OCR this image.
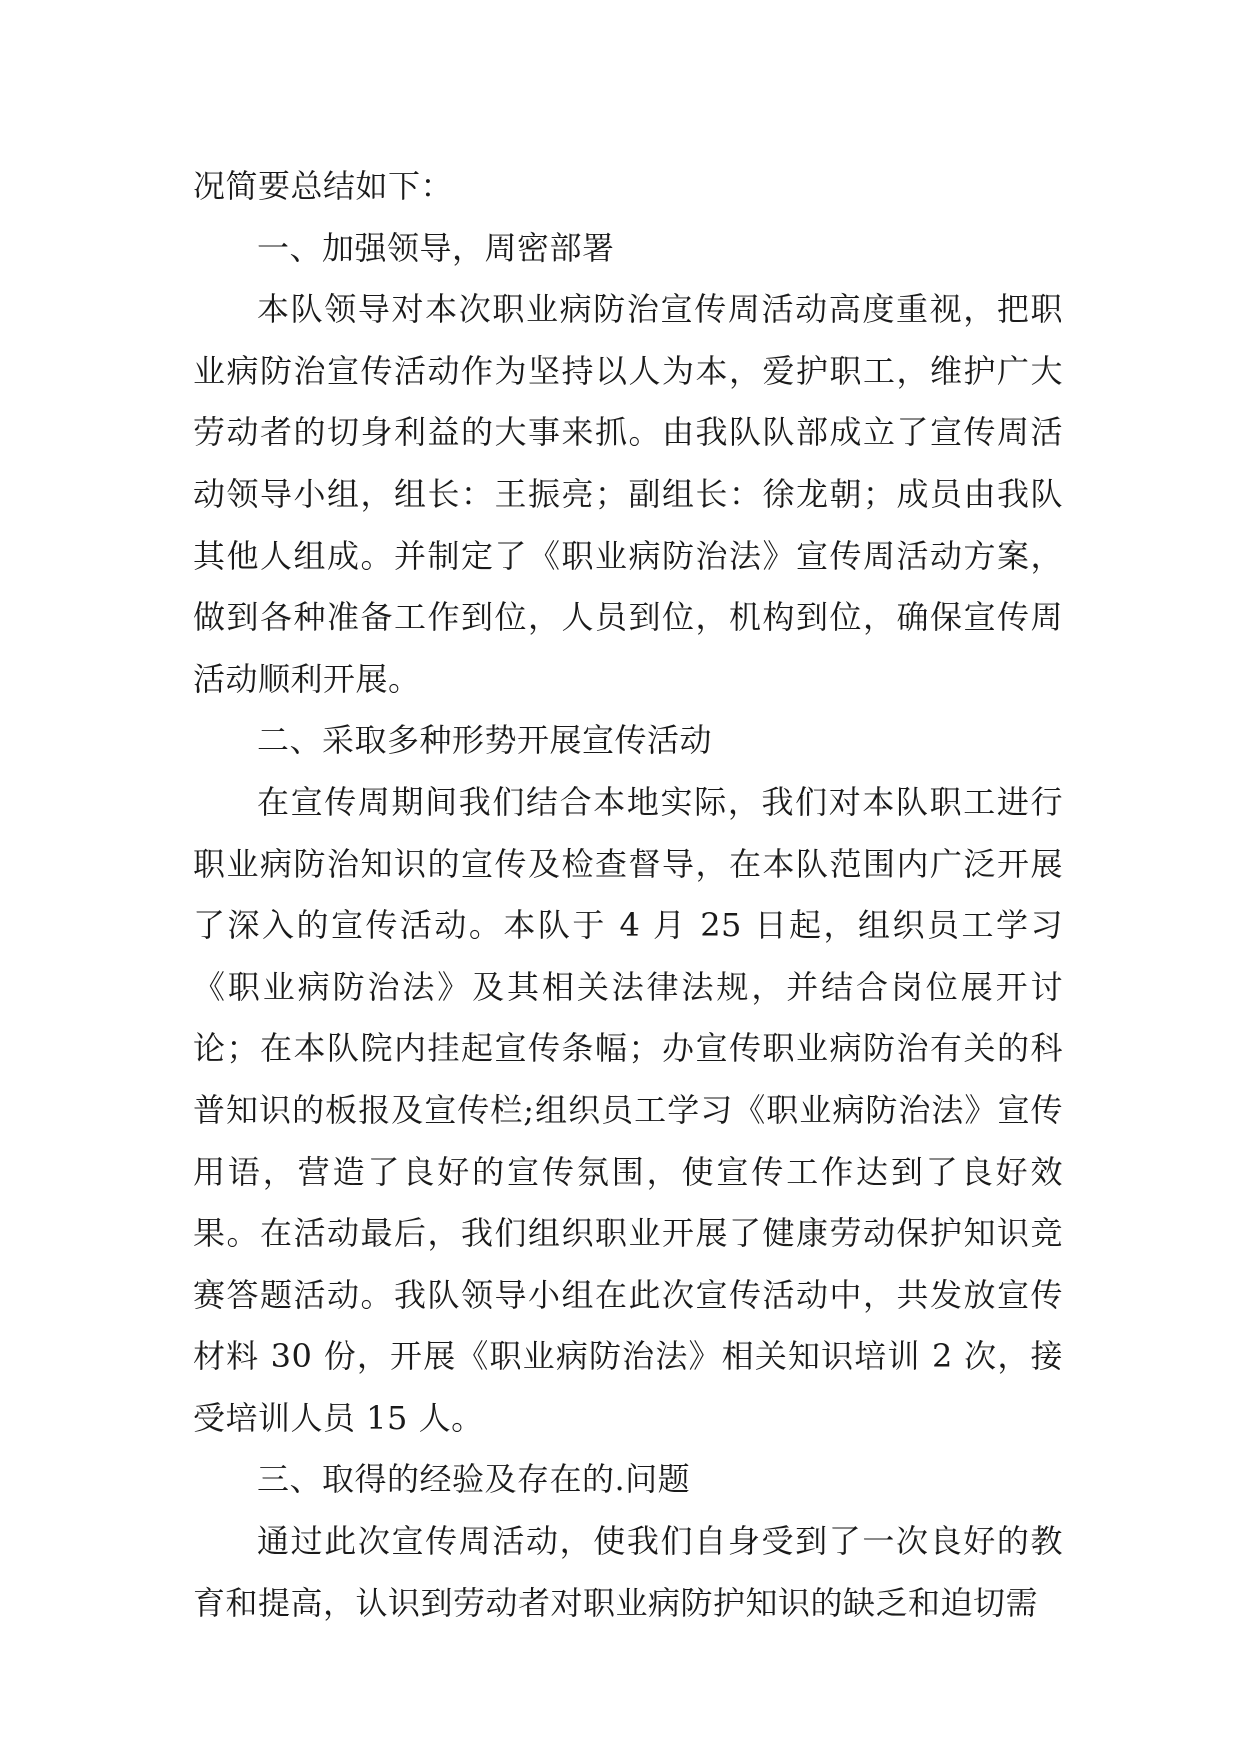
况简要总结如下：

一、加强领导，周密部署

本队领导对本次职业病防治宣传周活动高度重视，把职业病防治宣传活动作为坚持以人为本，爱护职工，维护广大劳动者的切身利益的大事来抓。由我队队部成立了宣传周活动领导小组，组长：王振亮；副组长：徐龙朝；成员由我队其他人组成。并制定了《职业病防治法》宣传周活动方案，做到各种准备工作到位，人员到位，机构到位，确保宣传周活动顺利开展。

二、采取多种形势开展宣传活动

在宣传周期间我们结合本地实际，我们对本队职工进行职业病防治知识的宣传及检查督导，在本队范围内广泛开展了深入的宣传活动。本队于 4 月 25 日起，组织员工学习《职业病防治法》及其相关法律法规，并结合岗位展开讨论；在本队院内挂起宣传条幅；办宣传职业病防治有关的科普知识的板报及宣传栏;组织员工学习《职业病防治法》宣传用语，营造了良好的宣传氛围，使宣传工作达到了良好效果。在活动最后，我们组织职业开展了健康劳动保护知识竞赛答题活动。我队领导小组在此次宣传活动中，共发放宣传材料 30 份，开展《职业病防治法》相关知识培训 2 次，接受培训人员 15 人。

三、取得的经验及存在的.问题

通过此次宣传周活动，使我们自身受到了一次良好的教育和提高，认识到劳动者对职业病防护知识的缺乏和迫切需
